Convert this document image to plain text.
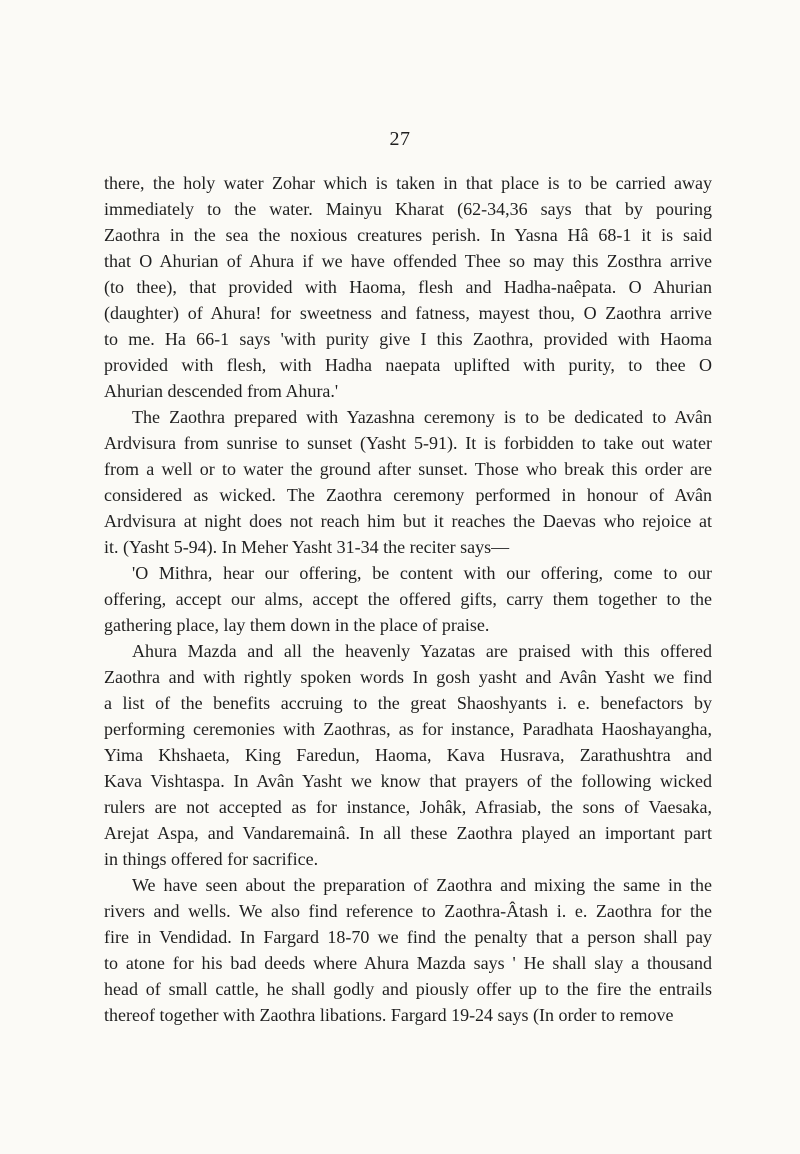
27
there, the holy water Zohar which is taken in that place is to be carried away
immediately to the water. Mainyu Kharat (62-34,36 says that by pouring
Zaothra in the sea the noxious creatures perish. In Yasna Hâ 68-1 it is said
that O Ahurian of Ahura if we have offended Thee so may this Zosthra arrive
(to thee), that provided with Haoma, flesh and Hadha-naêpata. O Ahurian
(daughter) of Ahura! for sweetness and fatness, mayest thou, O Zaothra arrive
to me. Ha 66-1 says 'with purity give I this Zaothra, provided with Haoma
provided with flesh, with Hadha naepata uplifted with purity, to thee O
Ahurian descended from Ahura.'
The Zaothra prepared with Yazashna ceremony is to be dedicated to Avân
Ardvisura from sunrise to sunset (Yasht 5-91). It is forbidden to take out water
from a well or to water the ground after sunset. Those who break this order are
considered as wicked. The Zaothra ceremony performed in honour of Avân
Ardvisura at night does not reach him but it reaches the Daevas who rejoice at
it. (Yasht 5-94). In Meher Yasht 31-34 the reciter says—
'O Mithra, hear our offering, be content with our offering, come to our
offering, accept our alms, accept the offered gifts, carry them together to the
gathering place, lay them down in the place of praise.
Ahura Mazda and all the heavenly Yazatas are praised with this offered
Zaothra and with rightly spoken words In gosh yasht and Avân Yasht we find
a list of the benefits accruing to the great Shaoshyants i. e. benefactors by
performing ceremonies with Zaothras, as for instance, Paradhata Haoshayangha,
Yima Khshaeta, King Faredun, Haoma, Kava Husrava, Zarathushtra and
Kava Vishtaspa. In Avân Yasht we know that prayers of the following wicked
rulers are not accepted as for instance, Johâk, Afrasiab, the sons of Vaesaka,
Arejat Aspa, and Vandaremainâ. In all these Zaothra played an important part
in things offered for sacrifice.
We have seen about the preparation of Zaothra and mixing the same in the
rivers and wells. We also find reference to Zaothra-Âtash i. e. Zaothra for the
fire in Vendidad. In Fargard 18-70 we find the penalty that a person shall pay
to atone for his bad deeds where Ahura Mazda says ' He shall slay a thousand
head of small cattle, he shall godly and piously offer up to the fire the entrails
thereof together with Zaothra libations. Fargard 19-24 says (In order to remove
